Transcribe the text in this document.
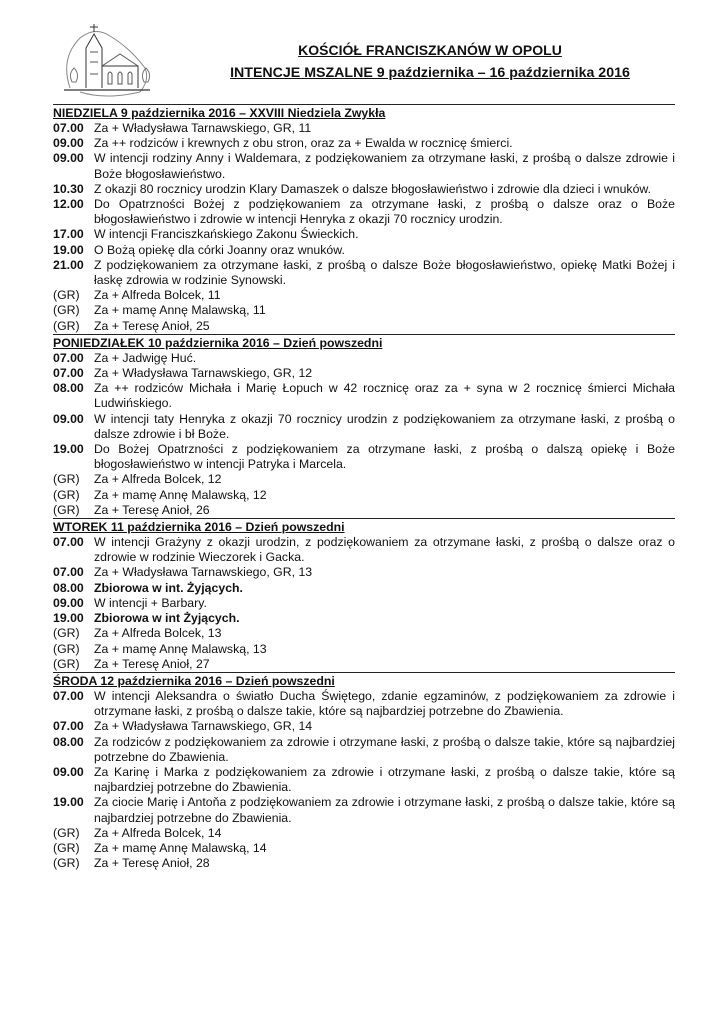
KOŚCIÓŁ FRANCISZKANÓW W OPOLU
INTENCJE MSZALNE 9 października – 16 października 2016
NIEDZIELA 9 października 2016 – XXVIII Niedziela Zwykła
07.00 Za + Władysława Tarnawskiego, GR, 11
09.00 Za ++ rodziców i krewnych z obu stron, oraz za + Ewalda w rocznicę śmierci.
09.00 W intencji rodziny Anny i Waldemara, z podziękowaniem za otrzymane łaski, z prośbą o dalsze zdrowie i Boże błogosławieństwo.
10.30 Z okazji 80 rocznicy urodzin Klary Damaszek o dalsze błogosławieństwo i zdrowie dla dzieci i wnuków.
12.00 Do Opatrzności Bożej z podziękowaniem za otrzymane łaski, z prośbą o dalsze oraz o Boże błogosławieństwo i zdrowie w intencji Henryka z okazji 70 rocznicy urodzin.
17.00 W intencji Franciszkańskiego Zakonu Świeckich.
19.00 O Bożą opiekę dla córki Joanny oraz wnuków.
21.00 Z podziękowaniem za otrzymane łaski, z prośbą o dalsze Boże błogosławieństwo, opiekę Matki Bożej i łaskę zdrowia w rodzinie Synowski.
(GR)	Za + Alfreda Bolcek, 11
(GR)	Za + mamę Annę Malawską, 11
(GR)	Za + Teresę Anioł, 25
PONIEDZIAŁEK 10 października 2016 – Dzień powszedni
07.00 Za + Jadwigę Huć.
07.00 Za + Władysława Tarnawskiego, GR, 12
08.00 Za ++ rodziców Michała i Marię Łopuch w 42 rocznicę oraz za + syna w 2 rocznicę śmierci Michała Ludwińskiego.
09.00 W intencji taty Henryka z okazji 70 rocznicy urodzin z podziękowaniem za otrzymane łaski, z prośbą o dalsze zdrowie i bł Boże.
19.00 Do Bożej Opatrzności z podziękowaniem za otrzymane łaski, z prośbą o dalszą opiekę i Boże błogosławieństwo w intencji Patryka i Marcela.
(GR)	Za + Alfreda Bolcek, 12
(GR)	Za + mamę Annę Malawską, 12
(GR)	Za + Teresę Anioł, 26
WTOREK 11 października 2016 – Dzień powszedni
07.00 W intencji Grażyny z okazji urodzin, z podziękowaniem za otrzymane łaski, z prośbą o dalsze oraz o zdrowie w rodzinie Wieczorek i Gacka.
07.00 Za + Władysława Tarnawskiego, GR, 13
08.00 Zbiorowa w int. Żyjących.
09.00 W intencji + Barbary.
19.00 Zbiorowa w int Żyjących.
(GR)	Za + Alfreda Bolcek, 13
(GR)	Za + mamę Annę Malawską, 13
(GR)	Za + Teresę Anioł, 27
ŚRODA 12 października 2016 – Dzień powszedni
07.00 W intencji Aleksandra o światło Ducha Świętego, zdanie egzaminów, z podziękowaniem za zdrowie i otrzymane łaski, z prośbą o dalsze takie, które są najbardziej potrzebne do Zbawienia.
07.00 Za + Władysława Tarnawskiego, GR, 14
08.00 Za rodziców z podziękowaniem za zdrowie i otrzymane łaski, z prośbą o dalsze takie, które są najbardziej potrzebne do Zbawienia.
09.00 Za Karinę i Marka z podziękowaniem za zdrowie i otrzymane łaski, z prośbą o dalsze takie, które są najbardziej potrzebne do Zbawienia.
19.00 Za ciocie Marię i Antoňa z podziękowaniem za zdrowie i otrzymane łaski, z prośbą o dalsze takie, które są najbardziej potrzebne do Zbawienia.
(GR)	Za + Alfreda Bolcek, 14
(GR)	Za + mamę Annę Malawską, 14
(GR)	Za + Teresę Anioł, 28
